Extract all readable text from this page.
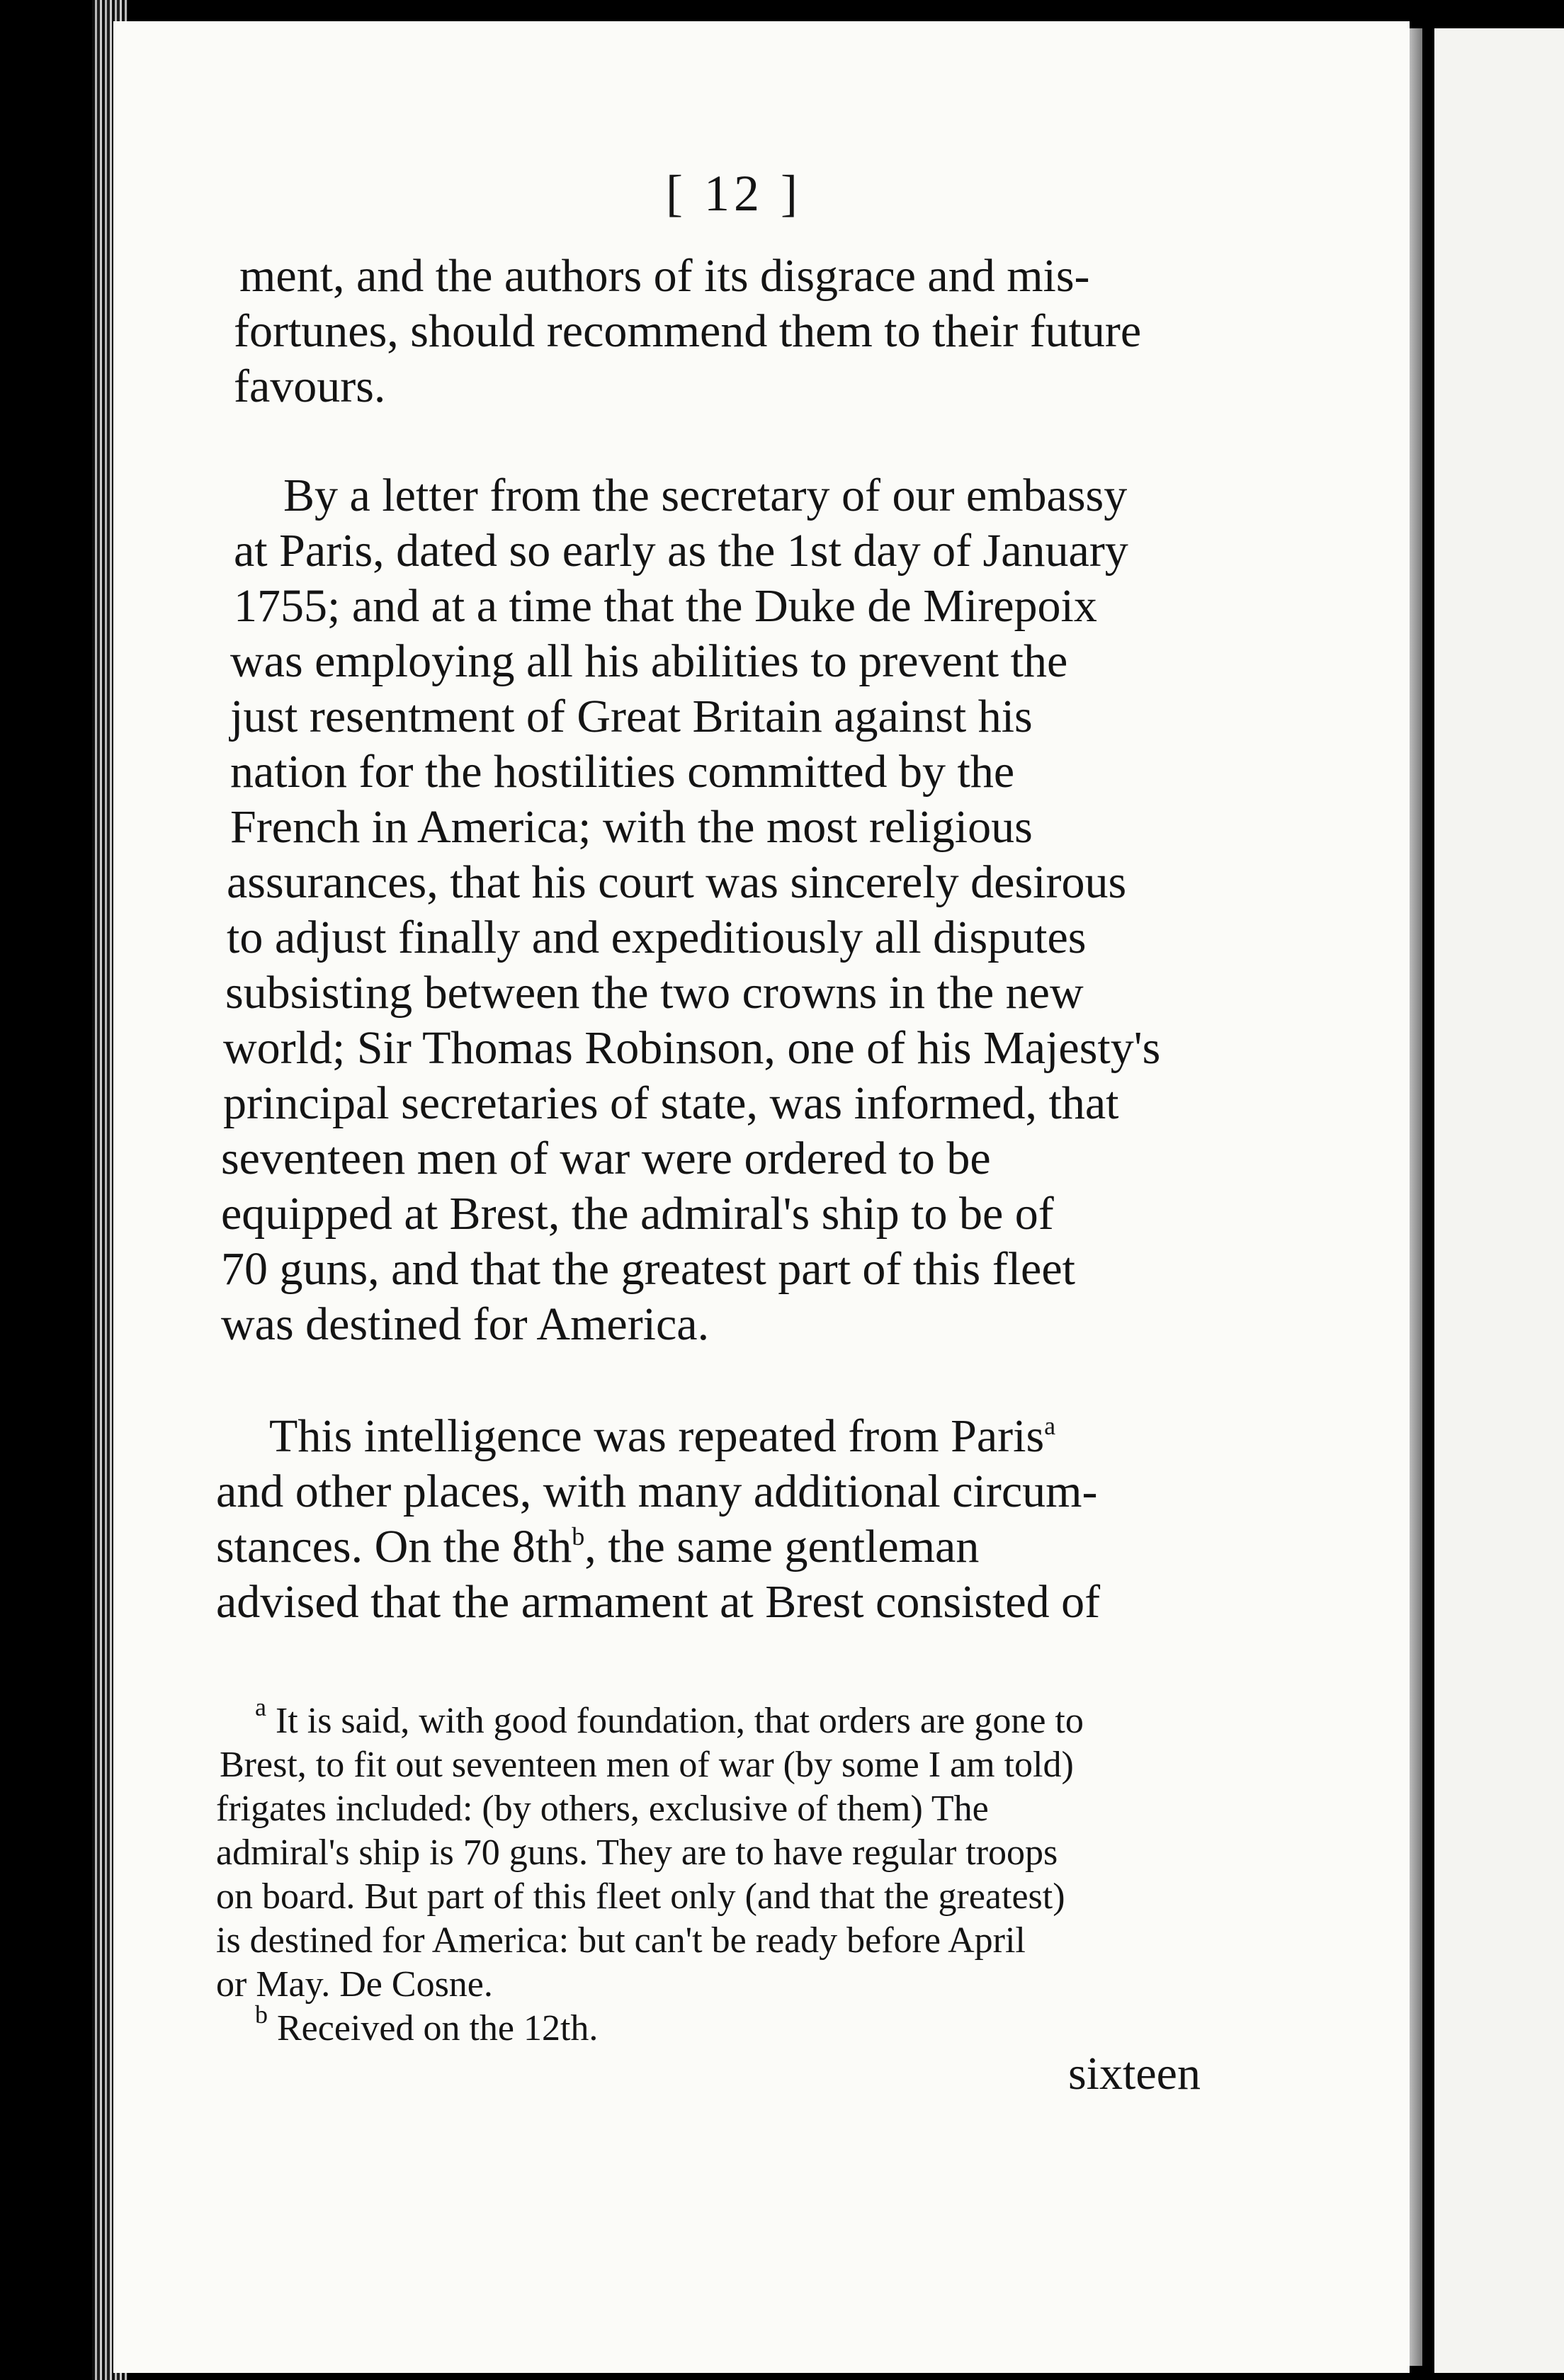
[ 12 ]
ment, and the authors of its disgrace and mis-
fortunes, should recommend them to their future
favours.
By a letter from the secretary of our embassy
at Paris, dated so early as the 1st day of January
1755; and at a time that the Duke de Mirepoix
was employing all his abilities to prevent the
just resentment of Great Britain against his
nation for the hostilities committed by the
French in America; with the most religious
assurances, that his court was sincerely desirous
to adjust finally and expeditiously all disputes
subsisting between the two crowns in the new
world; Sir Thomas Robinson, one of his Majesty's
principal secretaries of state, was informed, that
seventeen men of war were ordered to be
equipped at Brest, the admiral's ship to be of
70 guns, and that the greatest part of this fleet
was destined for America.
This intelligence was repeated from Paris$^a$
and other places, with many additional circum-
stances. On the $8th^b$, the same gentleman
advised that the armament at Brest consisted of
$^a$ It is said, with good foundation, that orders are gone to
Brest, to fit out seventeen men of war (by some I am told)
frigates included: (by others, exclusive of them) The
admiral's ship is 70 guns. They are to have regular troops
on board. But part of this fleet only (and that the greatest)
is destined for America: but can't be ready before April
or May. De Cosne.
$^b$ Received on the 12th.
sixteen
